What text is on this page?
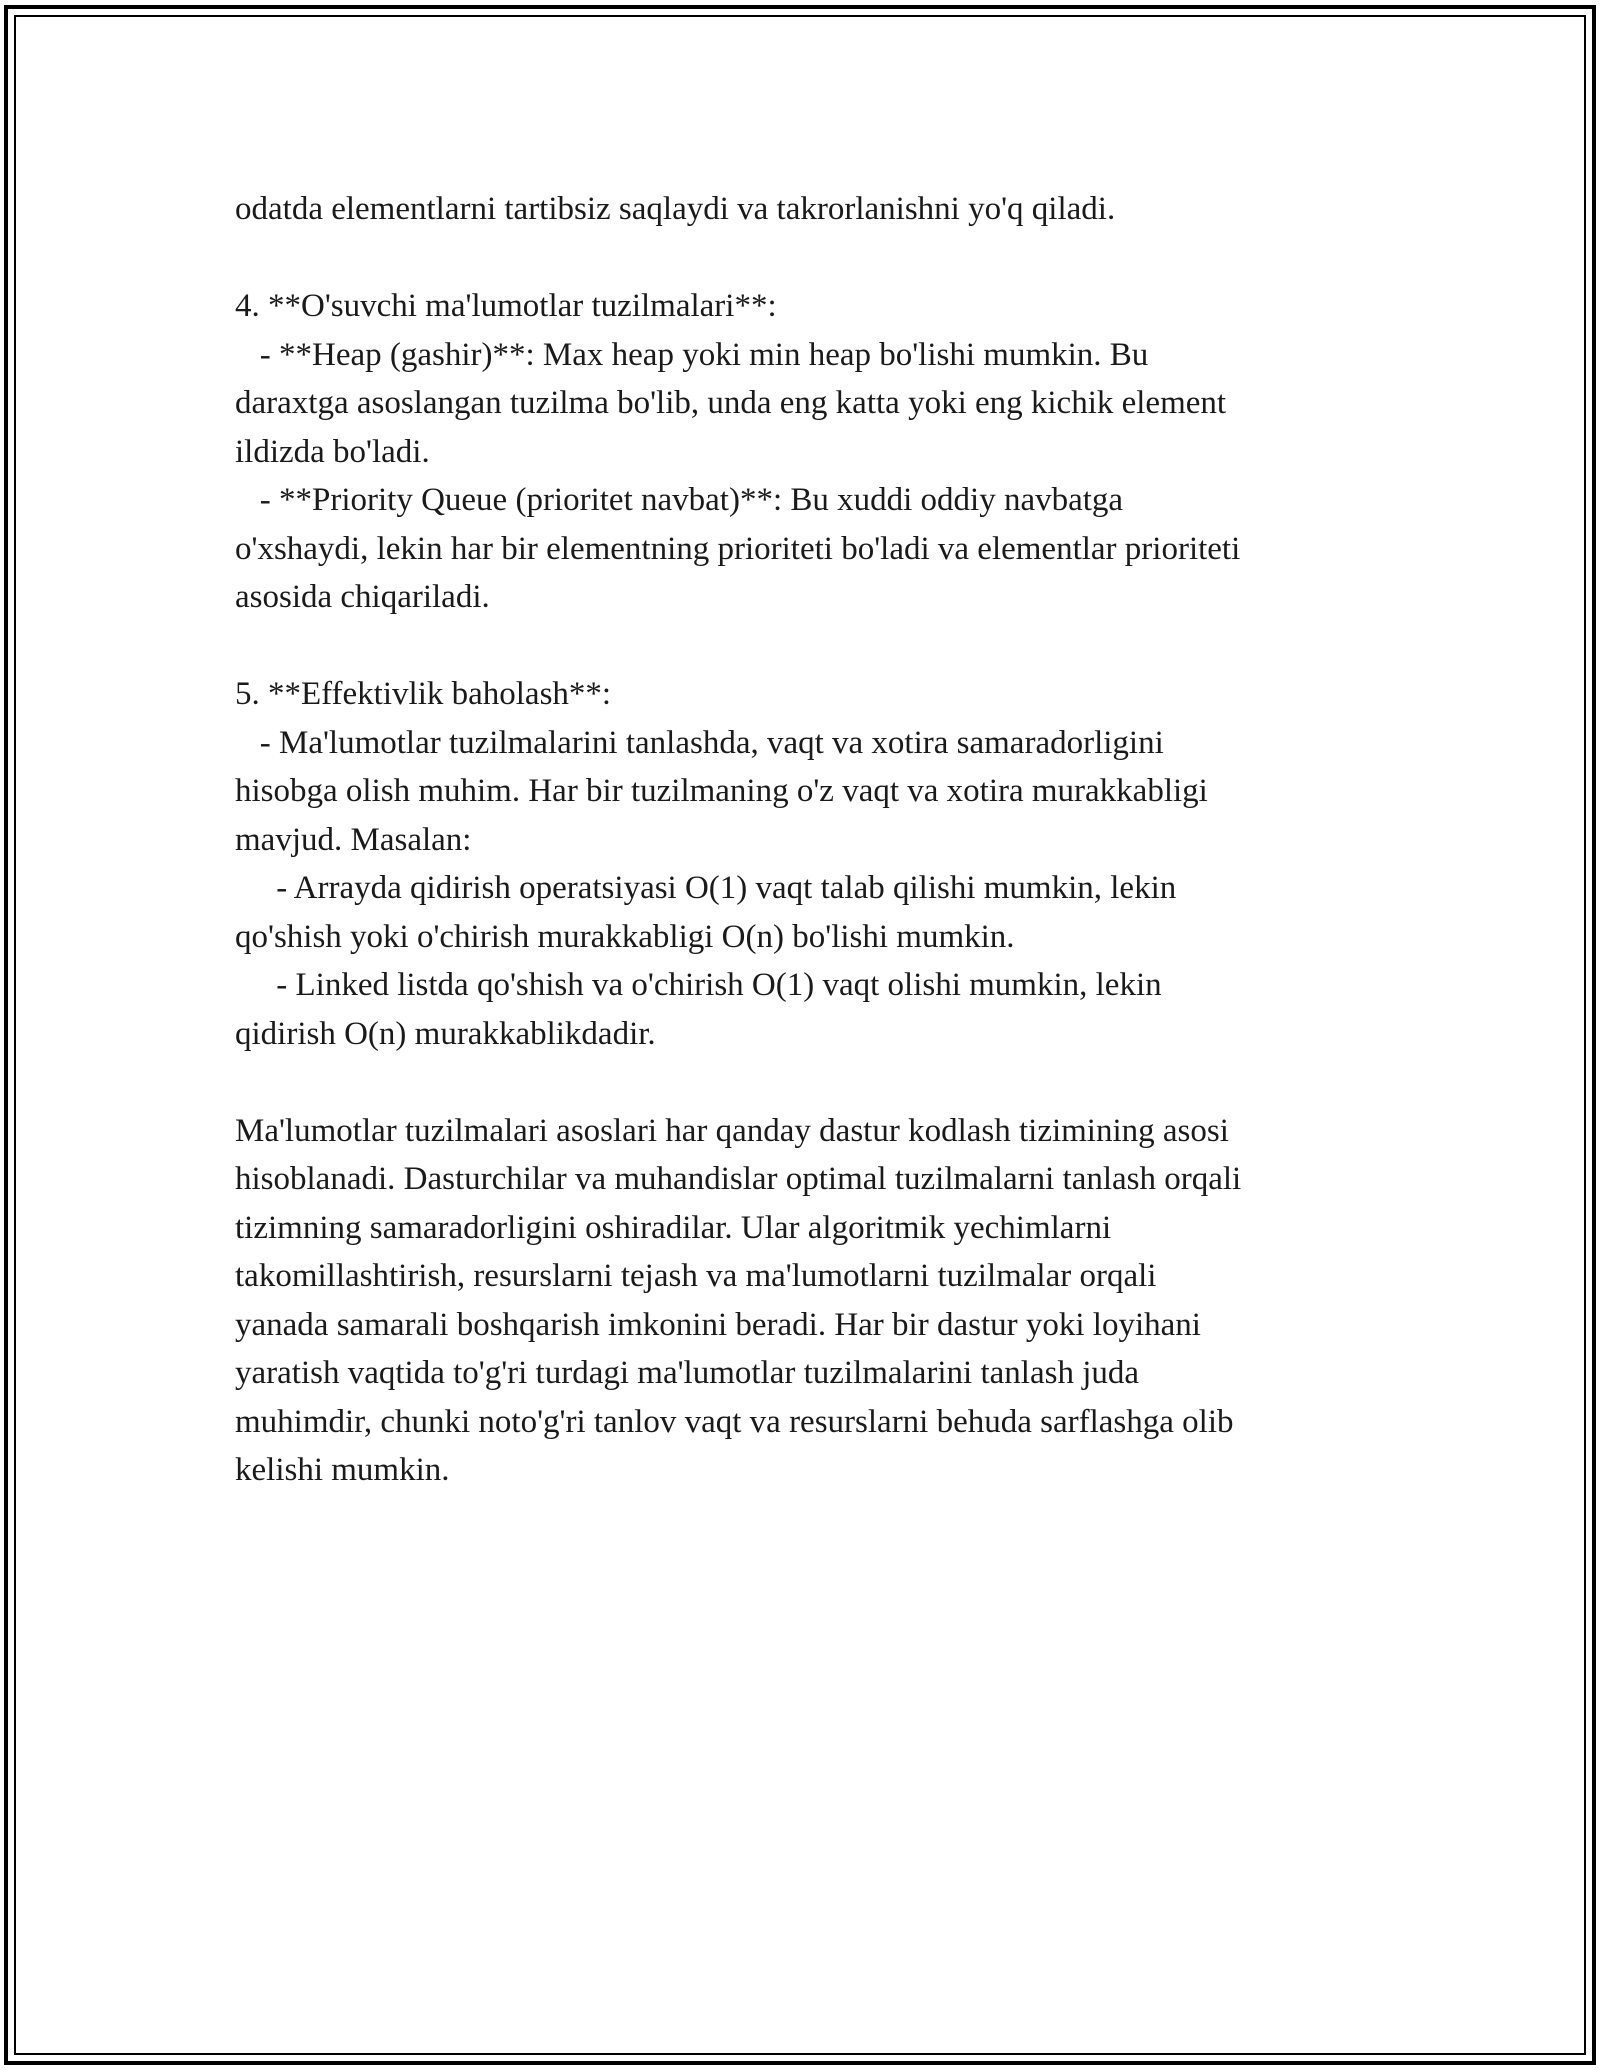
odatda elementlarni tartibsiz saqlaydi va takrorlanishni yo'q qiladi.
4. **O'suvchi ma'lumotlar tuzilmalari**:
- **Heap (gashir)**: Max heap yoki min heap bo'lishi mumkin. Bu
daraxtga asoslangan tuzilma bo'lib, unda eng katta yoki eng kichik element
ildizda bo'ladi.
- **Priority Queue (prioritet navbat)**: Bu xuddi oddiy navbatga
o'xshaydi, lekin har bir elementning prioriteti bo'ladi va elementlar prioriteti
asosida chiqariladi.
5. **Effektivlik baholash**:
- Ma'lumotlar tuzilmalarini tanlashda, vaqt va xotira samaradorligini
hisobga olish muhim. Har bir tuzilmaning o'z vaqt va xotira murakkabligi
mavjud. Masalan:
- Arrayda qidirish operatsiyasi O(1) vaqt talab qilishi mumkin, lekin
qo'shish yoki o'chirish murakkabligi O(n) bo'lishi mumkin.
- Linked listda qo'shish va o'chirish O(1) vaqt olishi mumkin, lekin
qidirish O(n) murakkablikdadir.
Ma'lumotlar tuzilmalari asoslari har qanday dastur kodlash tizimining asosi
hisoblanadi. Dasturchilar va muhandislar optimal tuzilmalarni tanlash orqali
tizimning samaradorligini oshiradilar. Ular algoritmik yechimlarni
takomillashtirish, resurslarni tejash va ma'lumotlarni tuzilmalar orqali
yanada samarali boshqarish imkonini beradi. Har bir dastur yoki loyihani
yaratish vaqtida to'g'ri turdagi ma'lumotlar tuzilmalarini tanlash juda
muhimdir, chunki noto'g'ri tanlov vaqt va resurslarni behuda sarflashga olib
kelishi mumkin.
